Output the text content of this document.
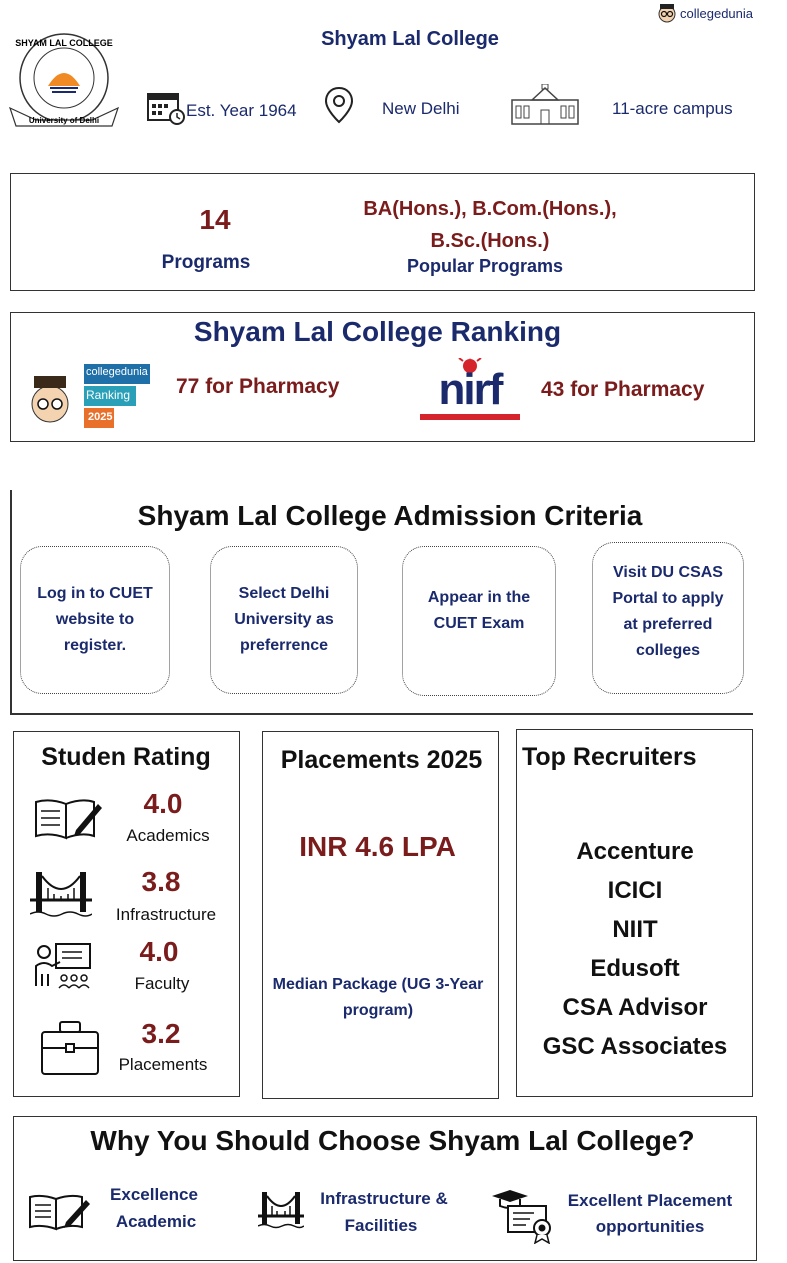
collegedunia
SHYAM LAL COLLEGE
University of Delhi
Shyam Lal College
Est. Year 1964	New Delhi	11-acre campus
14
Programs
BA(Hons.), B.Com.(Hons.),
B.Sc.(Hons.)
Popular Programs
Shyam Lal College Ranking
collegedunia
Ranking
2025
77 for Pharmacy	nirf	43 for Pharmacy
Shyam Lal College Admission Criteria
Log in to CUET website to register.
Select Delhi University as preferrence
Appear in the CUET Exam
Visit DU CSAS Portal to apply at preferred colleges
Studen Rating
4.0
Academics
3.8
Infrastructure
4.0
Faculty
3.2
Placements
Placements 2025
INR 4.6 LPA
Median Package (UG 3-Year program)
Top Recruiters
Accenture
ICICI
NIIT
Edusoft
CSA Advisor
GSC Associates
Why You Should Choose Shyam Lal College?
Excellence
Academic
Infrastructure &
Facilities
Excellent Placement
opportunities
